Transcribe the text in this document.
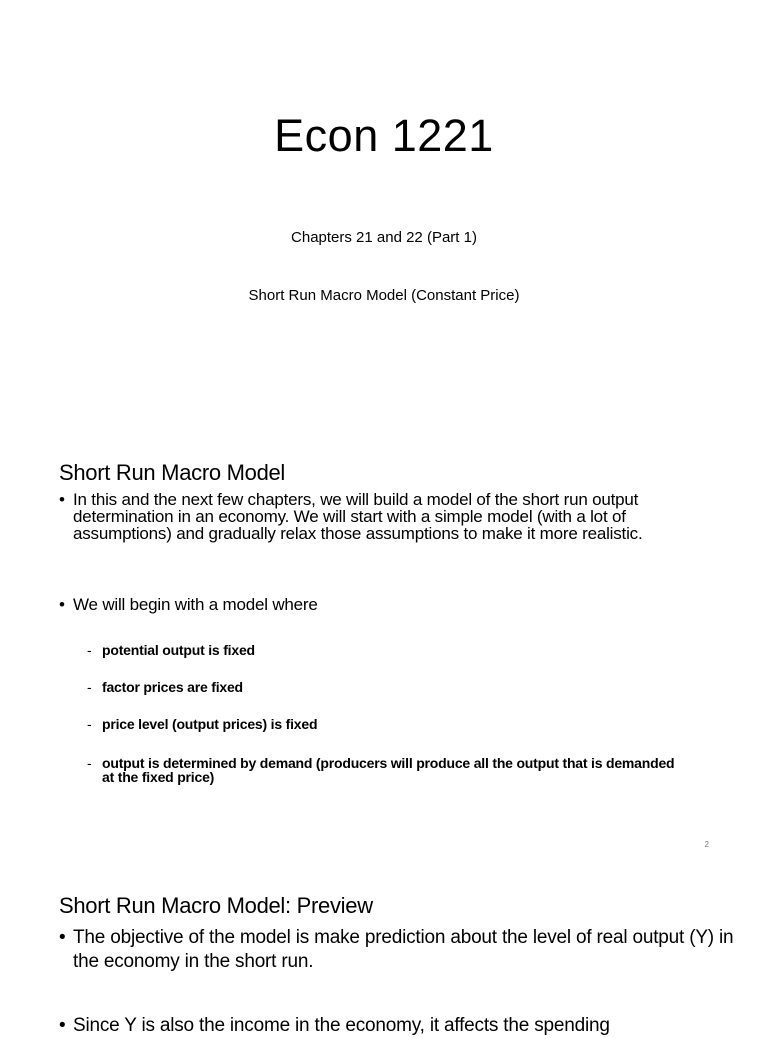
Econ 1221
Chapters 21 and 22 (Part 1)
Short Run Macro Model (Constant Price)
Short Run Macro Model
• In this and the next few chapters, we will build a model of the short run output determination in an economy. We will start with a simple model (with a lot of assumptions) and gradually relax those assumptions to make it more realistic.
• We will begin with a model where
- potential output is fixed
- factor prices are fixed
- price level (output prices) is fixed
- output is determined by demand (producers will produce all the output that is demanded at the fixed price)
2
Short Run Macro Model: Preview
• The objective of the model is make prediction about the level of real output (Y) in the economy in the short run.
• Since Y is also the income in the economy, it affects the spending
